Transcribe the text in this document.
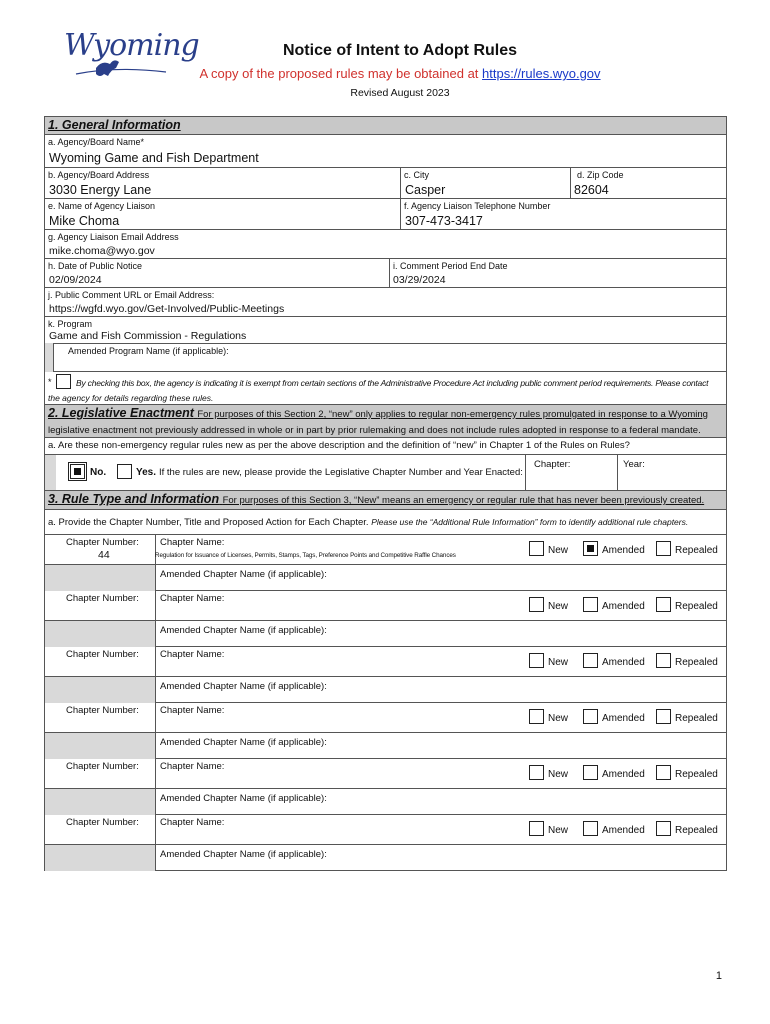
Wyoming	Notice of Intent to Adopt Rules
A copy of the proposed rules may be obtained at https://rules.wyo.gov
Revised August 2023
1. General Information
a. Agency/Board Name*
Wyoming Game and Fish Department
b. Agency/Board Address
3030 Energy Lane
c. City
Casper
d. Zip Code
82604
e. Name of Agency Liaison
Mike Choma
f. Agency Liaison Telephone Number
307-473-3417
g. Agency Liaison Email Address
mike.choma@wyo.gov
h. Date of Public Notice
02/09/2024
i. Comment Period End Date
03/29/2024
j. Public Comment URL or Email Address:
https://wgfd.wyo.gov/Get-Involved/Public-Meetings
k. Program
Game and Fish Commission - Regulations
Amended Program Name (if applicable):
*	By checking this box, the agency is indicating it is exempt from certain sections of the Administrative Procedure Act including public comment period requirements. Please contact
the agency for details regarding these rules.
2. Legislative Enactment For purposes of this Section 2, “new” only applies to regular non-emergency rules promulgated in response to a Wyoming
legislative enactment not previously addressed in whole or in part by prior rulemaking and does not include rules adopted in response to a federal mandate.
a. Are these non-emergency regular rules new as per the above description and the definition of “new” in Chapter 1 of the Rules on Rules?
No.	Yes. If the rules are new, please provide the Legislative Chapter Number and Year Enacted:
Chapter:	Year:
3. Rule Type and Information For purposes of this Section 3, “New” means an emergency or regular rule that has never been previously created.
a. Provide the Chapter Number, Title and Proposed Action for Each Chapter. Please use the “Additional Rule Information” form to identify additional rule chapters.
Chapter Number:
44
Chapter Name:
Regulation for Issuance of Licenses, Permits, Stamps, Tags, Preference Points and Competitive Raffle Chances	New	Amended	Repealed
Amended Chapter Name (if applicable):
Chapter Number: Chapter Name:
New	Amended	Repealed
Amended Chapter Name (if applicable):
Chapter Number: Chapter Name:
New	Amended	Repealed
Amended Chapter Name (if applicable):
Chapter Number: Chapter Name:
New	Amended	Repealed
Amended Chapter Name (if applicable):
Chapter Number: Chapter Name:
New	Amended	Repealed
Amended Chapter Name (if applicable):
Chapter Number: Chapter Name:
New	Amended	Repealed
Amended Chapter Name (if applicable):
1
